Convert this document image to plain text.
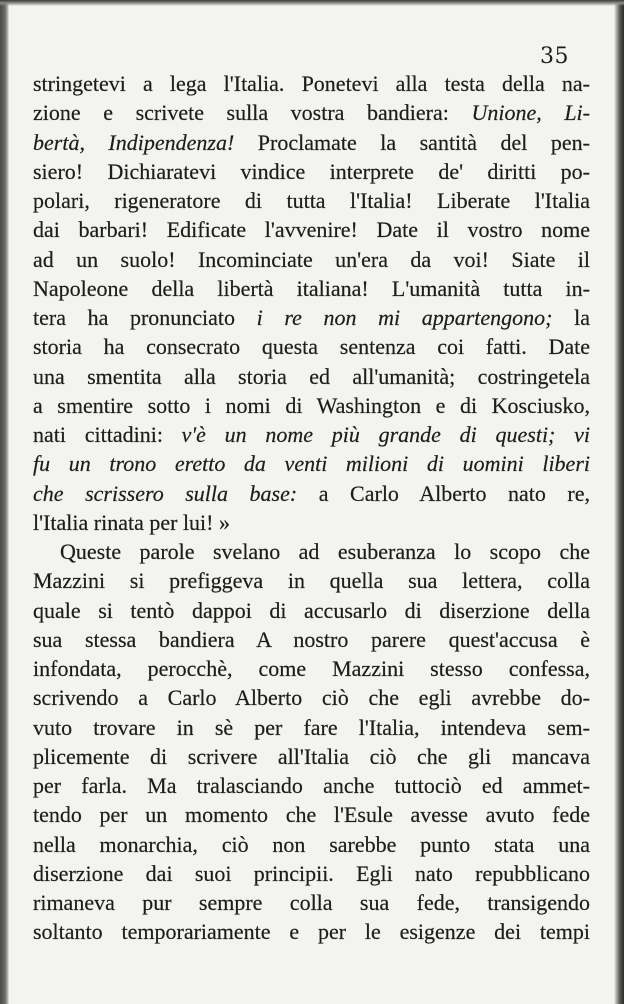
35
stringetevi a lega l'Italia. Ponetevi alla testa della na-
zione e scrivete sulla vostra bandiera: Unione, Li-
bertà, Indipendenza! Proclamate la santità del pen-
siero! Dichiaratevi vindice interprete de' diritti po-
polari, rigeneratore di tutta l'Italia! Liberate l'Italia
dai barbari! Edificate l'avvenire! Date il vostro nome
ad un suolo! Incominciate un'era da voi! Siate il
Napoleone della libertà italiana! L'umanità tutta in-
tera ha pronunciato i re non mi appartengono; la
storia ha consecrato questa sentenza coi fatti. Date
una smentita alla storia ed all'umanità; costringetela
a smentire sotto i nomi di Washington e di Kosciusko,
nati cittadini: v'è un nome più grande di questi; vi
fu un trono eretto da venti milioni di uomini liberi
che scrissero sulla base: a Carlo Alberto nato re,
l'Italia rinata per lui! »
Queste parole svelano ad esuberanza lo scopo che
Mazzini si prefiggeva in quella sua lettera, colla
quale si tentò dappoi di accusarlo di diserzione della
sua stessa bandiera A nostro parere quest'accusa è
infondata, perocchè, come Mazzini stesso confessa,
scrivendo a Carlo Alberto ciò che egli avrebbe do-
vuto trovare in sè per fare l'Italia, intendeva sem-
plicemente di scrivere all'Italia ciò che gli mancava
per farla. Ma tralasciando anche tuttociò ed ammet-
tendo per un momento che l'Esule avesse avuto fede
nella monarchia, ciò non sarebbe punto stata una
diserzione dai suoi principii. Egli nato repubblicano
rimaneva pur sempre colla sua fede, transigendo
soltanto temporariamente e per le esigenze dei tempi
